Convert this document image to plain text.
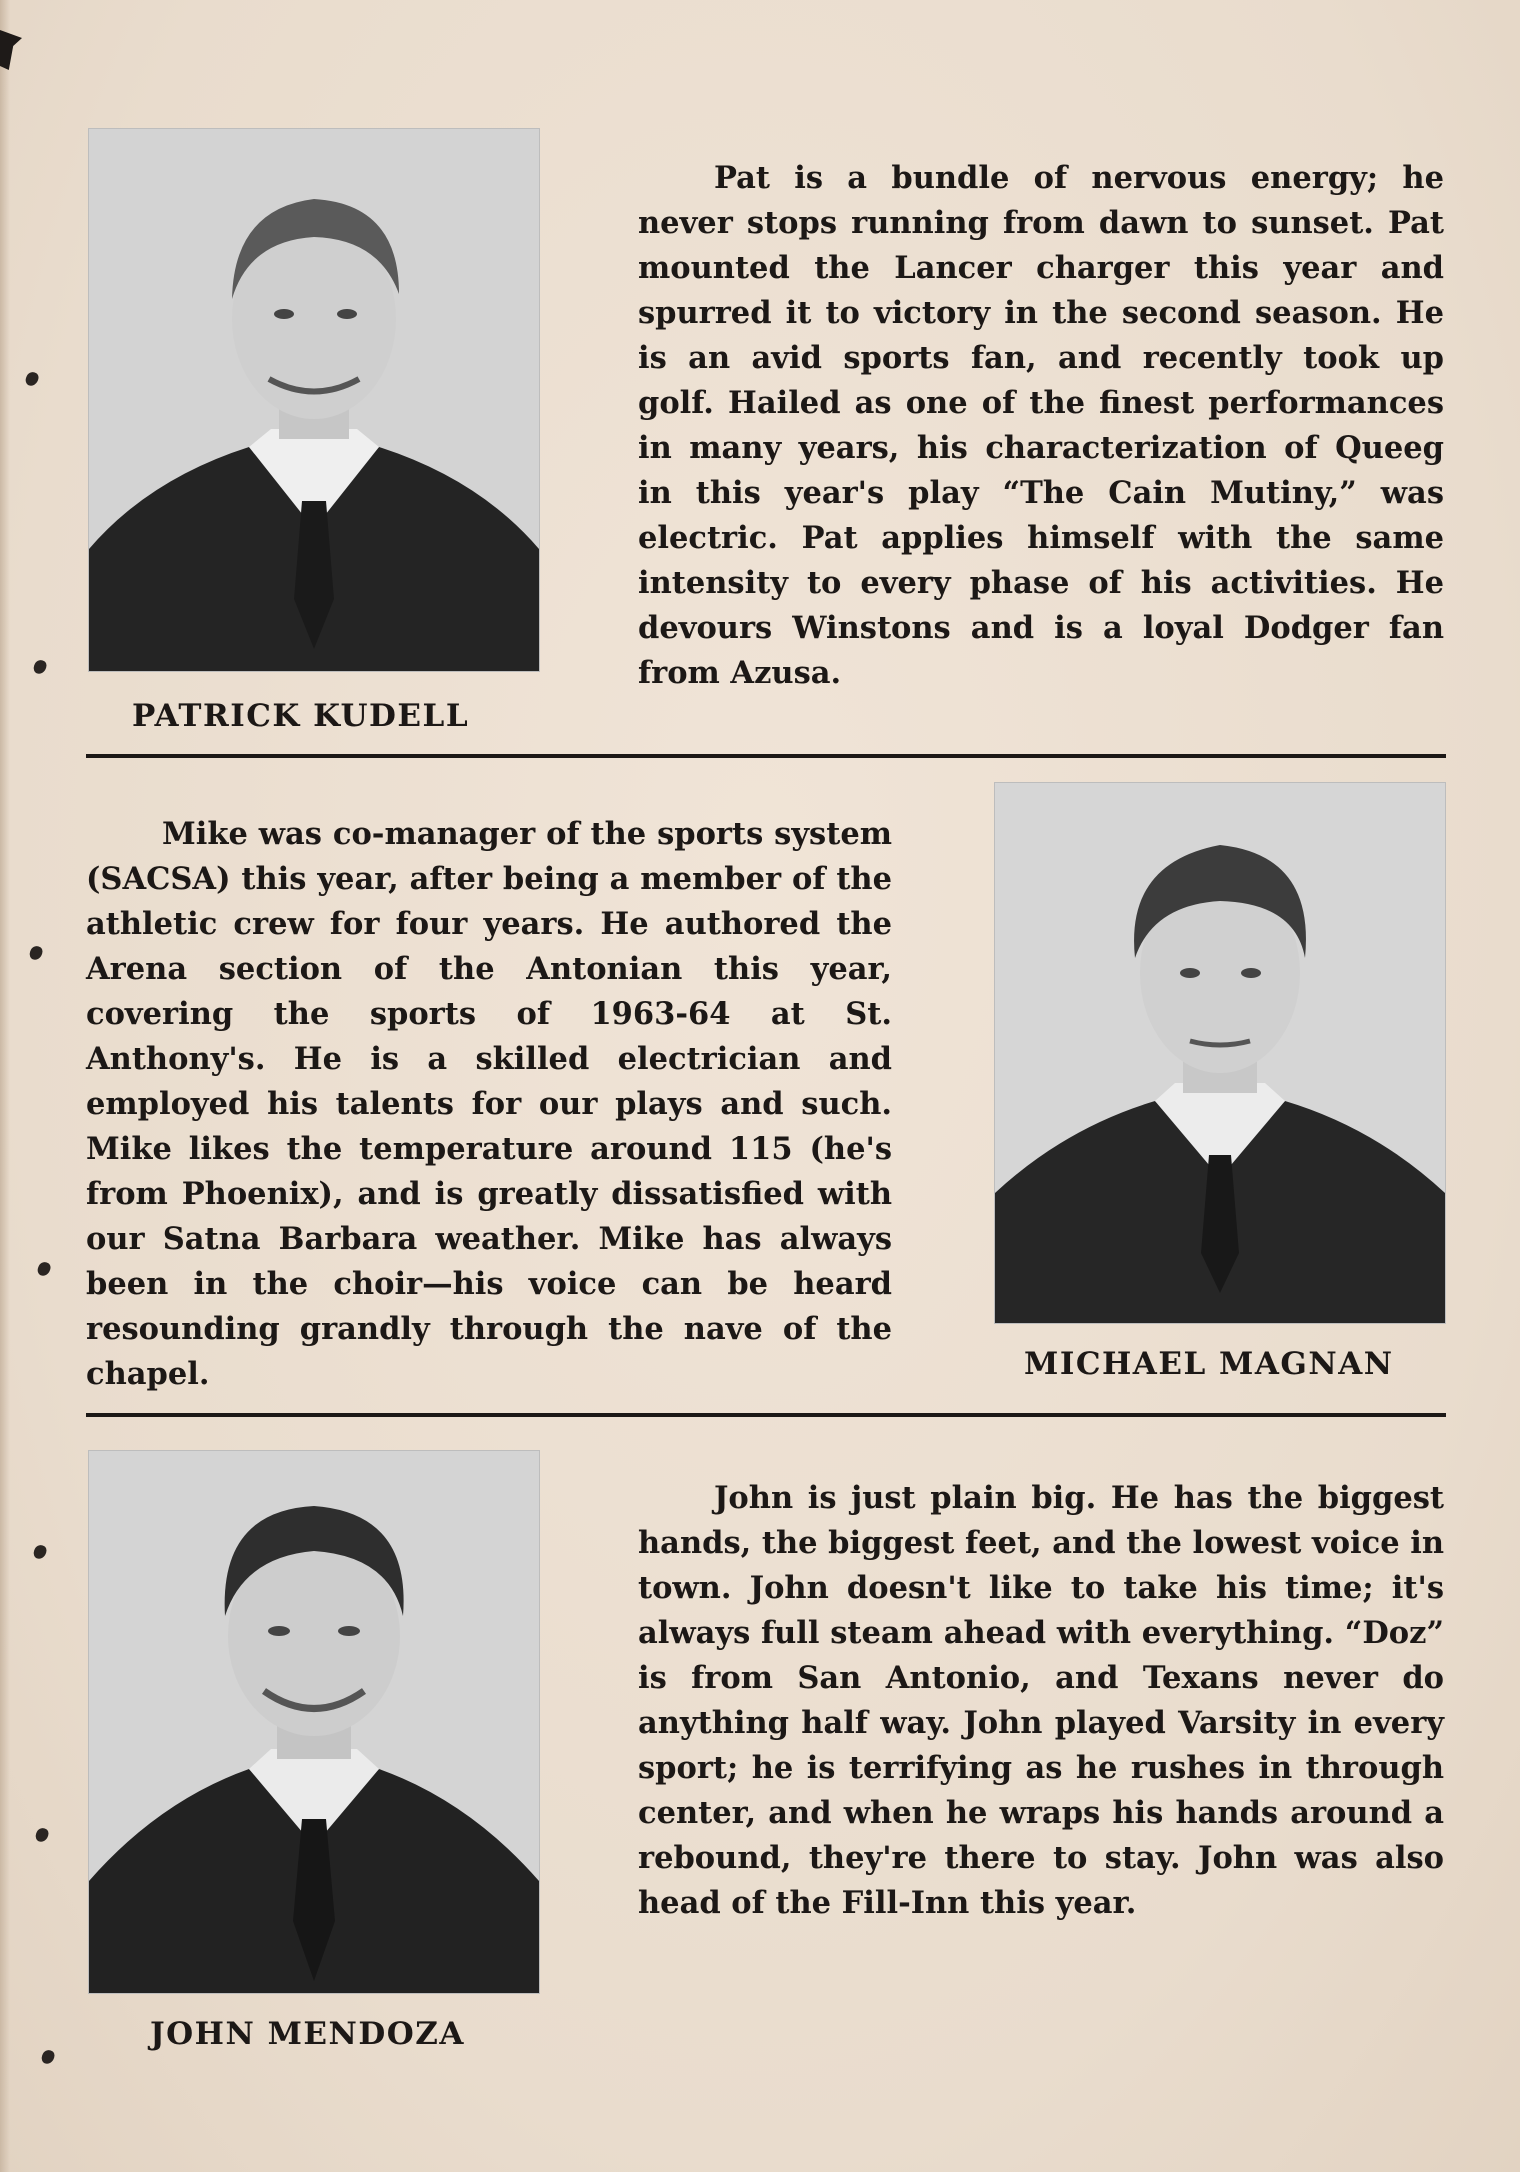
PATRICK KUDELL

Pat is a bundle of nervous energy; he never stops running from dawn to sunset. Pat mounted the Lancer charger this year and spurred it to victory in the second season. He is an avid sports fan, and recently took up golf. Hailed as one of the finest performances in many years, his characterization of Queeg in this year's play “The Cain Mutiny,” was electric. Pat applies himself with the same intensity to every phase of his activities. He devours Winstons and is a loyal Dodger fan from Azusa.

Mike was co-manager of the sports system (SACSA) this year, after being a member of the athletic crew for four years. He authored the Arena section of the Antonian this year, covering the sports of 1963-64 at St. Anthony's. He is a skilled electrician and employed his talents for our plays and such. Mike likes the temperature around 115 (he's from Phoenix), and is greatly dissatisfied with our Satna Barbara weather. Mike has always been in the choir—his voice can be heard resounding grandly through the nave of the chapel.	MICHAEL MAGNAN
JOHN MENDOZA

John is just plain big. He has the biggest hands, the biggest feet, and the lowest voice in town. John doesn't like to take his time; it's always full steam ahead with everything. “Doz” is from San Antonio, and Texans never do anything half way. John played Varsity in every sport; he is terrifying as he rushes in through center, and when he wraps his hands around a rebound, they're there to stay. John was also head of the Fill-Inn this year.
